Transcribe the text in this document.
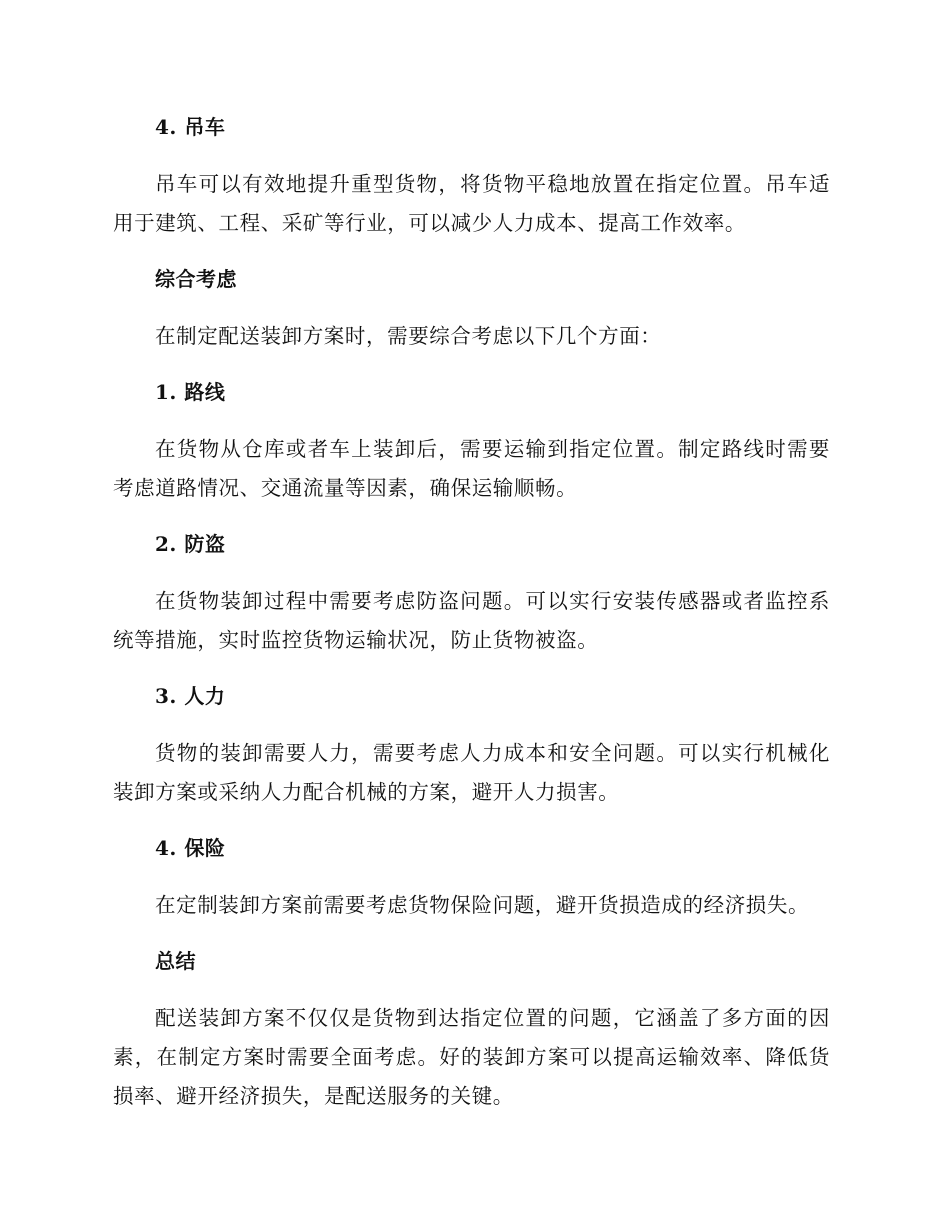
4. 吊车

吊车可以有效地提升重型货物，将货物平稳地放置在指定位置。吊车适用于建筑、工程、采矿等行业，可以减少人力成本、提高工作效率。

综合考虑

在制定配送装卸方案时，需要综合考虑以下几个方面：

1. 路线

在货物从仓库或者车上装卸后，需要运输到指定位置。制定路线时需要考虑道路情况、交通流量等因素，确保运输顺畅。

2. 防盗

在货物装卸过程中需要考虑防盗问题。可以实行安装传感器或者监控系统等措施，实时监控货物运输状况，防止货物被盗。

3. 人力

货物的装卸需要人力，需要考虑人力成本和安全问题。可以实行机械化装卸方案或采纳人力配合机械的方案，避开人力损害。

4. 保险

在定制装卸方案前需要考虑货物保险问题，避开货损造成的经济损失。

总结

配送装卸方案不仅仅是货物到达指定位置的问题，它涵盖了多方面的因素，在制定方案时需要全面考虑。好的装卸方案可以提高运输效率、降低货损率、避开经济损失，是配送服务的关键。
